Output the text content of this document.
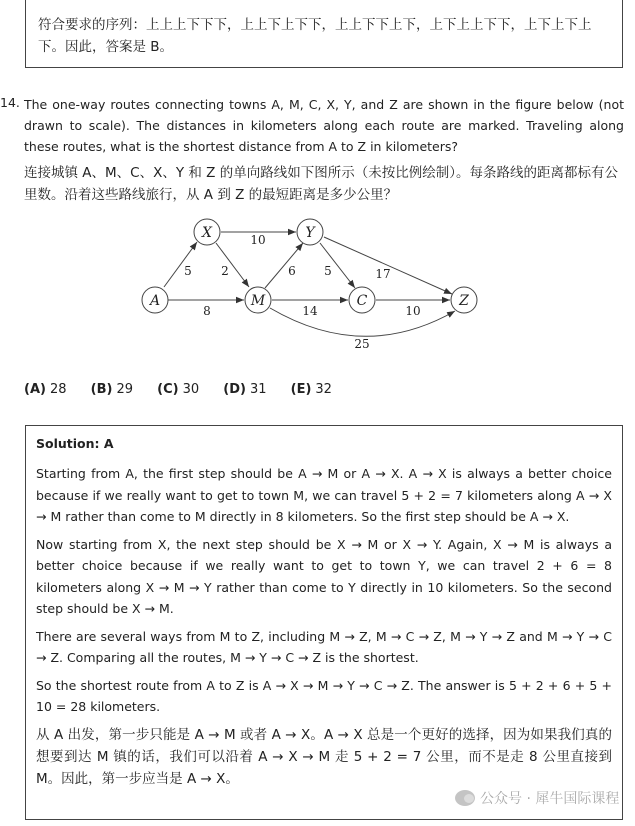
符合要求的序列：上上上下下下，上上下上下下，上上下下上下，上下上上下下，上下上下上下。因此，答案是 B。
14. The one-way routes connecting towns A, M, C, X, Y, and Z are shown in the figure below (not drawn to scale). The distances in kilometers along each route are marked. Traveling along these routes, what is the shortest distance from A to Z in kilometers?
连接城镇 A、M、C、X、Y 和 Z 的单向路线如下图所示（未按比例绘制）。每条路线的距离都标有公里数。沿着这些路线旅行，从 A 到 Z 的最短距离是多少公里？
A
X
M
Y
C	Z
5 2
8
10
6 5	17
14	10
25
(A) 28 (B) 29 (C) 30 (D) 31 (E) 32
Solution: A

Starting from A, the first step should be A → M or A → X. A → X is always a better choice because if we really want to get to town M, we can travel 5 + 2 = 7 kilometers along A → X → M rather than come to M directly in 8 kilometers. So the first step should be A → X.

Now starting from X, the next step should be X → M or X → Y. Again, X → M is always a better choice because if we really want to get to town Y, we can travel 2 + 6 = 8 kilometers along X → M → Y rather than come to Y directly in 10 kilometers. So the second step should be X → M.

There are several ways from M to Z, including M → Z, M → C → Z, M → Y → Z and M → Y → C → Z. Comparing all the routes, M → Y → C → Z is the shortest.

So the shortest route from A to Z is A → X → M → Y → C → Z. The answer is 5 + 2 + 6 + 5 + 10 = 28 kilometers.

从 A 出发，第一步只能是 A → M 或者 A → X。A → X 总是一个更好的选择，因为如果我们真的想要到达 M 镇的话，我们可以沿着 A → X → M 走 5 + 2 = 7 公里，而不是走 8 公里直接到 M。因此，第一步应当是 A → X。

公众号 · 犀牛国际课程
